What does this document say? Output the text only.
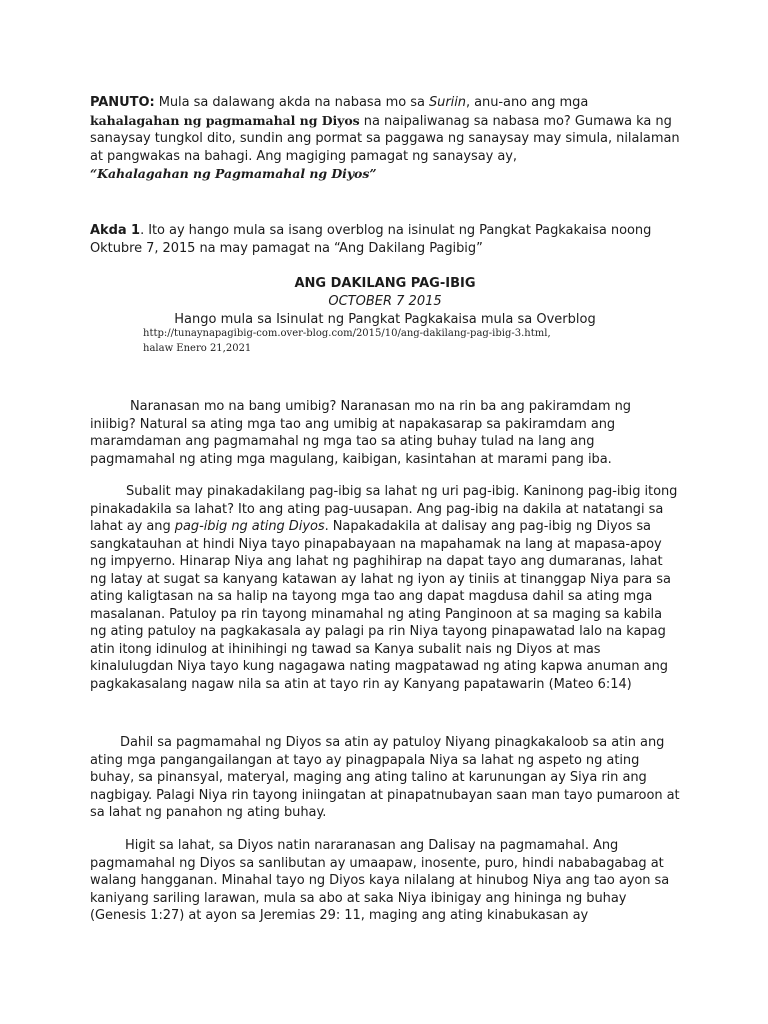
PANUTO: Mula sa dalawang akda na nabasa mo sa Suriin, anu-ano ang mga
kahalagahan ng pagmamahal ng Diyos na naipaliwanag sa nabasa mo? Gumawa ka ng sanaysay tungkol dito, sundin ang pormat sa paggawa ng sanaysay may simula, nilalaman at pangwakas na bahagi. Ang magiging pamagat ng sanaysay ay,
“Kahalagahan ng Pagmamahal ng Diyos”
Akda 1. Ito ay hango mula sa isang overblog na isinulat ng Pangkat Pagkakaisa noong Oktubre 7, 2015 na may pamagat na “Ang Dakilang Pagibig”
ANG DAKILANG PAG-IBIG
OCTOBER 7 2015
Hango mula sa Isinulat ng Pangkat Pagkakaisa mula sa Overblog
http://tunaynapagibig-com.over-blog.com/2015/10/ang-dakilang-pag-ibig-3.html,
halaw Enero 21,2021

Naranasan mo na bang umibig? Naranasan mo na rin ba ang pakiramdam ng iniibig? Natural sa ating mga tao ang umibig at napakasarap sa pakiramdam ang maramdaman ang pagmamahal ng mga tao sa ating buhay tulad na lang ang pagmamahal ng ating mga magulang, kaibigan, kasintahan at marami pang iba.

Subalit may pinakadakilang pag-ibig sa lahat ng uri pag-ibig. Kaninong pag-ibig itong pinakadakila sa lahat? Ito ang ating pag-uusapan. Ang pag-ibig na dakila at natatangi sa lahat ay ang pag-ibig ng ating Diyos. Napakadakila at dalisay ang pag-ibig ng Diyos sa sangkatauhan at hindi Niya tayo pinapabayaan na mapahamak na lang at mapasa-apoy ng impyerno. Hinarap Niya ang lahat ng paghihirap na dapat tayo ang dumaranas, lahat ng latay at sugat sa kanyang katawan ay lahat ng iyon ay tiniis at tinanggap Niya para sa ating kaligtasan na sa halip na tayong mga tao ang dapat magdusa dahil sa ating mga masalanan. Patuloy pa rin tayong minamahal ng ating Panginoon at sa maging sa kabila ng ating patuloy na pagkakasala ay palagi pa rin Niya tayong pinapawatad lalo na kapag atin itong idinulog at ihinihingi ng tawad sa Kanya subalit nais ng Diyos at mas kinalulugdan Niya tayo kung nagagawa nating magpatawad ng ating kapwa anuman ang pagkakasalang nagaw nila sa atin at tayo rin ay Kanyang papatawarin (Mateo 6:14)

Dahil sa pagmamahal ng Diyos sa atin ay patuloy Niyang pinagkakaloob sa atin ang ating mga pangangailangan at tayo ay pinagpapala Niya sa lahat ng aspeto ng ating buhay, sa pinansyal, materyal, maging ang ating talino at karunungan ay Siya rin ang nagbigay. Palagi Niya rin tayong iniingatan at pinapatnubayan saan man tayo pumaroon at sa lahat ng panahon ng ating buhay.

Higit sa lahat, sa Diyos natin nararanasan ang Dalisay na pagmamahal. Ang pagmamahal ng Diyos sa sanlibutan ay umaapaw, inosente, puro, hindi nababagabag at walang hangganan. Minahal tayo ng Diyos kaya nilalang at hinubog Niya ang tao ayon sa kaniyang sariling larawan, mula sa abo at saka Niya ibinigay ang hininga ng buhay (Genesis 1:27) at ayon sa Jeremias 29: 11, maging ang ating kinabukasan ay
